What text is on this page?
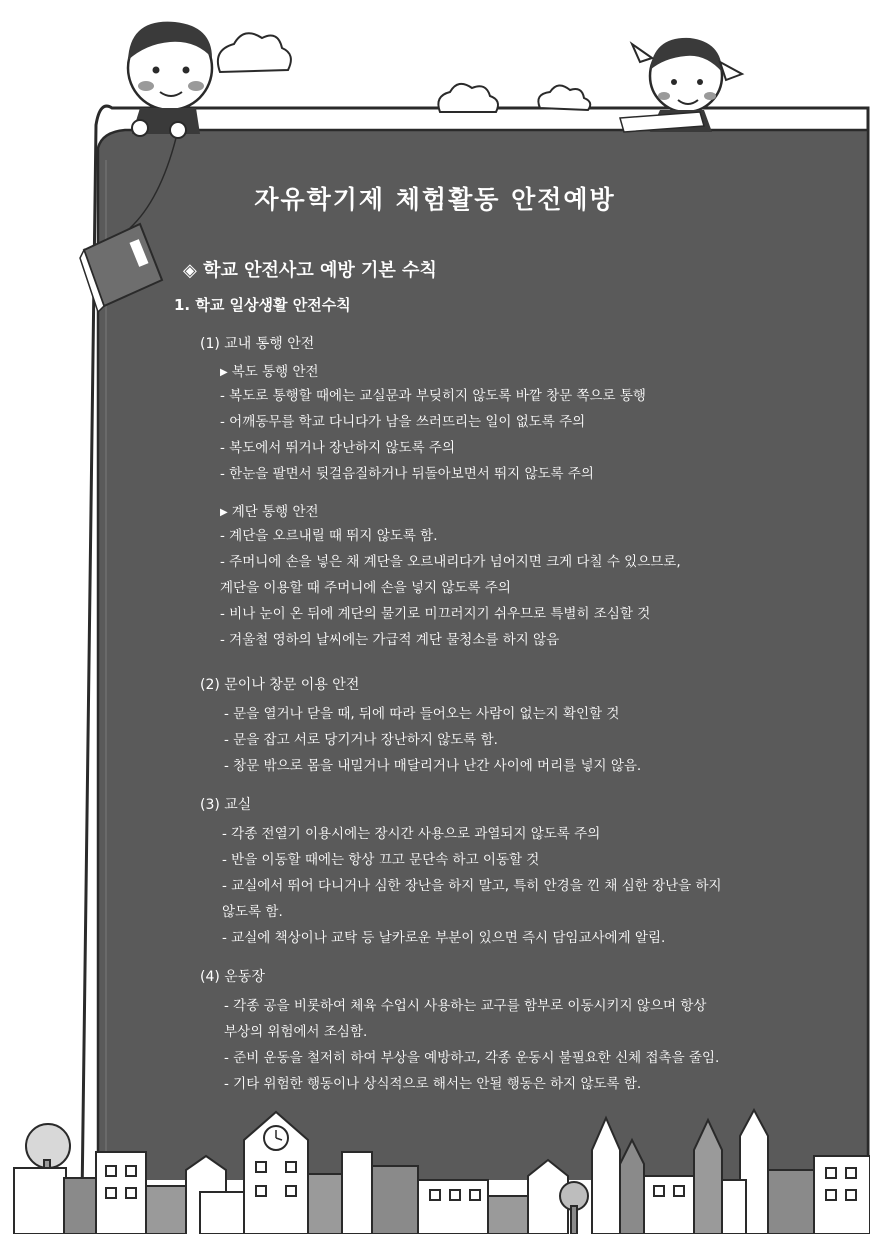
자유학기제 체험활동 안전예방
◈ 학교 안전사고 예방 기본 수칙
1. 학교 일상생활 안전수칙
(1) 교내 통행 안전
▶ 복도 통행 안전
- 복도로 통행할 때에는 교실문과 부딪히지 않도록 바깥 창문 쪽으로 통행
- 어깨동무를 학교 다니다가 남을 쓰러뜨리는 일이 없도록 주의
- 복도에서 뛰거나 장난하지 않도록 주의
- 한눈을 팔면서 뒷걸음질하거나 뒤돌아보면서 뛰지 않도록 주의
▶ 계단 통행 안전
- 계단을 오르내릴 때 뛰지 않도록 함.
- 주머니에 손을 넣은 채 계단을 오르내리다가 넘어지면 크게 다칠 수 있으므로,
계단을 이용할 때 주머니에 손을 넣지 않도록 주의
- 비나 눈이 온 뒤에 계단의 물기로 미끄러지기 쉬우므로 특별히 조심할 것
- 겨울철 영하의 날씨에는 가급적 계단 물청소를 하지 않음
(2) 문이나 창문 이용 안전
- 문을 열거나 닫을 때, 뒤에 따라 들어오는 사람이 없는지 확인할 것
- 문을 잡고 서로 당기거나 장난하지 않도록 함.
- 창문 밖으로 몸을 내밀거나 매달리거나 난간 사이에 머리를 넣지 않음.
(3) 교실
- 각종 전열기 이용시에는 장시간 사용으로 과열되지 않도록 주의
- 반을 이동할 때에는 항상 끄고 문단속 하고 이동할 것
- 교실에서 뛰어 다니거나 심한 장난을 하지 말고, 특히 안경을 낀 채 심한 장난을 하지
않도록 함.
- 교실에 책상이나 교탁 등 날카로운 부분이 있으면 즉시 담임교사에게 알림.
(4) 운동장
- 각종 공을 비롯하여 체육 수업시 사용하는 교구를 함부로 이동시키지 않으며 항상
부상의 위험에서 조심함.
- 준비 운동을 철저히 하여 부상을 예방하고, 각종 운동시 불필요한 신체 접촉을 줄임.
- 기타 위험한 행동이나 상식적으로 해서는 안될 행동은 하지 않도록 함.
